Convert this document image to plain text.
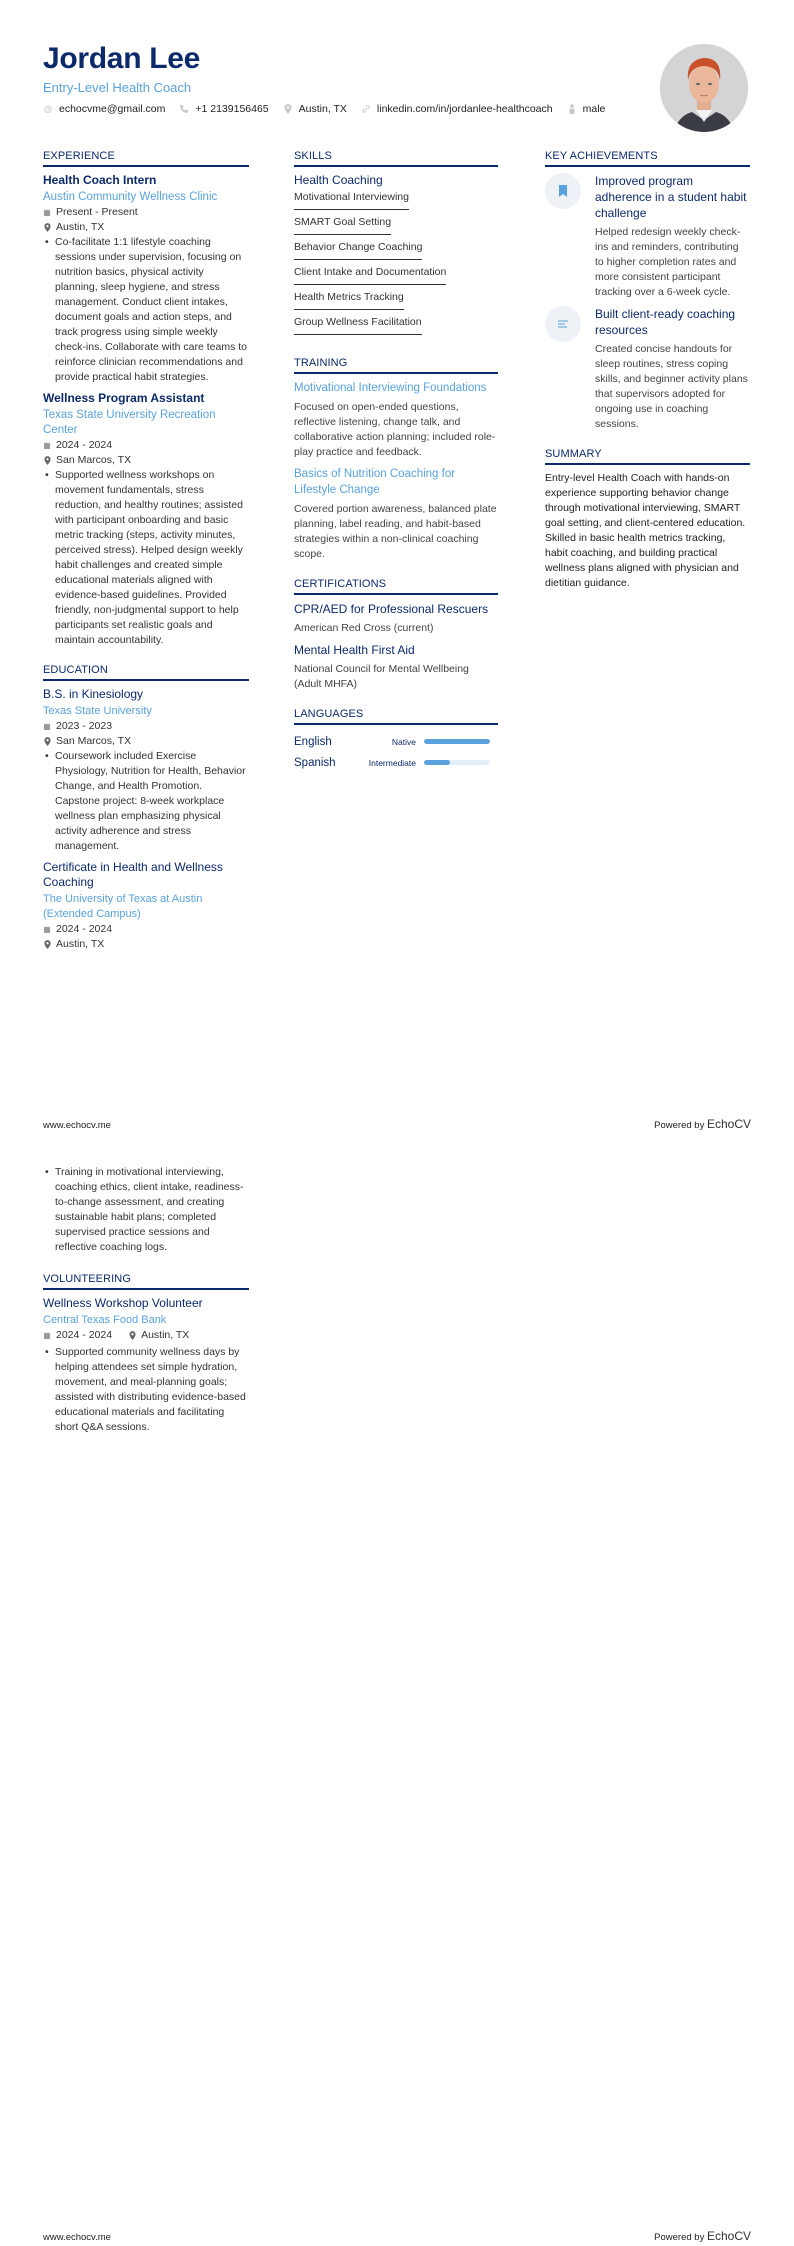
Jordan Lee
Entry-Level Health Coach
@ echocvme@gmail.com	+1 2139156465	Austin, TX	linkedin.com/in/jordanlee-healthcoach	male
EXPERIENCE
Health Coach Intern
Austin Community Wellness Clinic
▦ Present - Present
Austin, TX
• Co-facilitate 1:1 lifestyle coaching sessions under supervision, focusing on nutrition basics, physical activity planning, sleep hygiene, and stress management. Conduct client intakes, document goals and action steps, and track progress using simple weekly check-ins. Collaborate with care teams to reinforce clinician recommendations and provide practical habit strategies.
Wellness Program Assistant
Texas State University Recreation Center
▦ 2024 - 2024
San Marcos, TX
• Supported wellness workshops on movement fundamentals, stress reduction, and healthy routines; assisted with participant onboarding and basic metric tracking (steps, activity minutes, perceived stress). Helped design weekly habit challenges and created simple educational materials aligned with evidence-based guidelines. Provided friendly, non-judgmental support to help participants set realistic goals and maintain accountability.
EDUCATION
B.S. in Kinesiology
Texas State University
▦ 2023 - 2023
San Marcos, TX
• Coursework included Exercise Physiology, Nutrition for Health, Behavior Change, and Health Promotion. Capstone project: 8-week workplace wellness plan emphasizing physical activity adherence and stress management.
Certificate in Health and Wellness Coaching
The University of Texas at Austin (Extended Campus)
▦ 2024 - 2024
Austin, TX
SKILLS
Health Coaching
Motivational Interviewing
SMART Goal Setting
Behavior Change Coaching
Client Intake and Documentation
Health Metrics Tracking
Group Wellness Facilitation
TRAINING
Motivational Interviewing Foundations
Focused on open-ended questions, reflective listening, change talk, and collaborative action planning; included role-play practice and feedback.
Basics of Nutrition Coaching for Lifestyle Change
Covered portion awareness, balanced plate planning, label reading, and habit-based strategies within a non-clinical coaching scope.
CERTIFICATIONS
CPR/AED for Professional Rescuers
American Red Cross (current)
Mental Health First Aid
National Council for Mental Wellbeing (Adult MHFA)
LANGUAGES
English	Native
Spanish	Intermediate
KEY ACHIEVEMENTS
Improved program adherence in a student habit challenge
Helped redesign weekly check-ins and reminders, contributing to higher completion rates and more consistent participant tracking over a 6-week cycle.
Built client-ready coaching resources
Created concise handouts for sleep routines, stress coping skills, and beginner activity plans that supervisors adopted for ongoing use in coaching sessions.
SUMMARY
Entry-level Health Coach with hands-on experience supporting behavior change through motivational interviewing, SMART goal setting, and client-centered education. Skilled in basic health metrics tracking, habit coaching, and building practical wellness plans aligned with physician and dietitian guidance.
www.echocv.me	Powered by EchoCV
• Training in motivational interviewing, coaching ethics, client intake, readiness-to-change assessment, and creating sustainable habit plans; completed supervised practice sessions and reflective coaching logs.
VOLUNTEERING
Wellness Workshop Volunteer
Central Texas Food Bank
▦ 2024 - 2024	Austin, TX
• Supported community wellness days by helping attendees set simple hydration, movement, and meal-planning goals; assisted with distributing evidence-based educational materials and facilitating short Q&A sessions.
www.echocv.me	Powered by EchoCV
